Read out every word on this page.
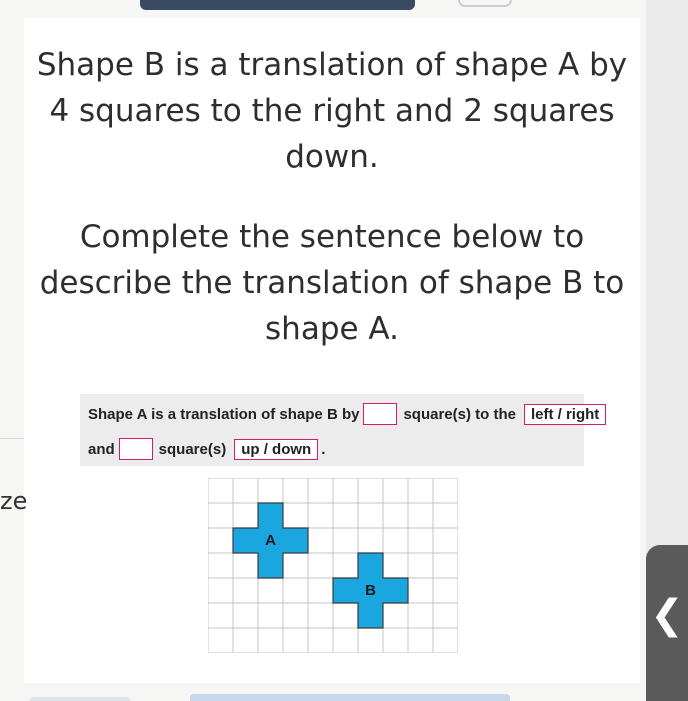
Shape B is a translation of shape A by 4 squares to the right and 2 squares down.

Complete the sentence below to describe the translation of shape B to shape A.

Shape A is a translation of shape B by	square(s) to the	left / right
and	square(s)	up / down .
A
B
ze
❮
